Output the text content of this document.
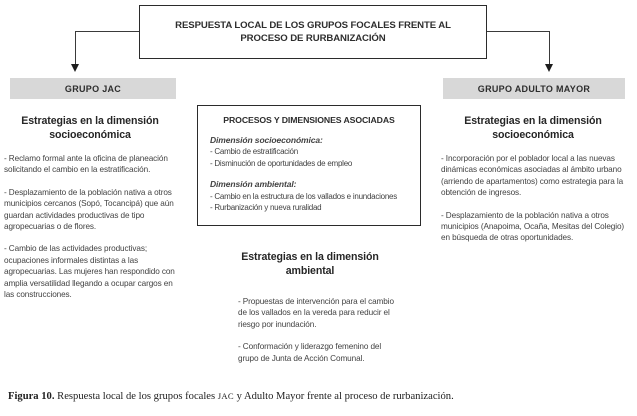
RESPUESTA LOCAL DE LOS GRUPOS FOCALES FRENTE AL PROCESO DE RURBANIZACIÓN
GRUPO JAC	GRUPO ADULTO MAYOR
Estrategias en la dimensión socioeconómica

- Reclamo formal ante la oficina de planeación solicitando el cambio en la estratificación.

- Desplazamiento de la población nativa a otros municipios cercanos (Sopó, Tocancipá) que aún guardan actividades productivas de tipo agropecuarias o de flores.

- Cambio de las actividades productivas; ocupaciones informales distintas a las agropecuarias. Las mujeres han respondido con amplia versatilidad llegando a ocupar cargos en las construcciones.

PROCESOS Y DIMENSIONES ASOCIADAS
Dimensión socioeconómica:
- Cambio de estratificación
- Disminución de oportunidades de empleo
Dimensión ambiental:
- Cambio en la estructura de los vallados e inundaciones
- Rurbanización y nueva ruralidad
Estrategias en la dimensión ambiental

- Propuestas de intervención para el cambio de los vallados en la vereda para reducir el riesgo por inundación.

- Conformación y liderazgo femenino del grupo de Junta de Acción Comunal.

Estrategias en la dimensión socioeconómica

- Incorporación por el poblador local a las nuevas dinámicas económicas asociadas al ámbito urbano (arriendo de apartamentos) como estrategia para la obtención de ingresos.

- Desplazamiento de la población nativa a otros municipios (Anapoima, Ocaña, Mesitas del Colegio) en búsqueda de otras oportunidades.

Figura 10. Respuesta local de los grupos focales JAC y Adulto Mayor frente al proceso de rurbanización.
